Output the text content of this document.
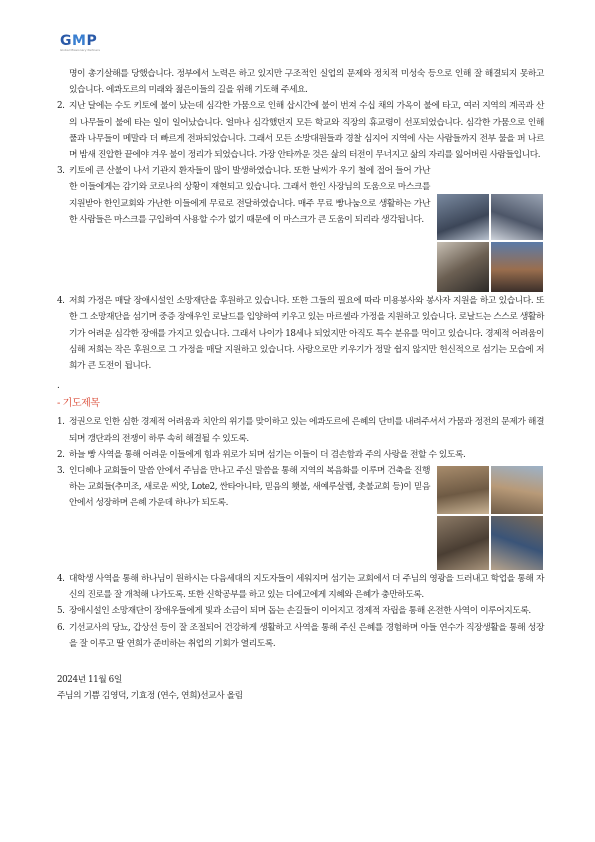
GMP
Global Missionary Partners
명이 총기살해를 당했습니다. 정부에서 노력은 하고 있지만 구조적인 실업의 문제와 정치적 미성숙 등으로 인해 잘 해결되지 못하고 있습니다. 에콰도르의 미래와 젊은이들의 길을 위해 기도해 주세요.
2. 지난 달에는 수도 키토에 불이 났는데 심각한 가뭄으로 인해 삽시간에 불이 번져 수십 채의 가옥이 불에 타고, 여러 지역의 계곡과 산의 나무들이 불에 타는 일이 일어났습니다. 얼마나 심각했던지 모든 학교와 직장의 휴교령이 선포되었습니다. 심각한 가뭄으로 인해 풀과 나무들이 메말라 더 빠르게 전파되었습니다. 그래서 모든 소방대원들과 경찰 심지어 지역에 사는 사람들까지 전부 물을 퍼 나르며 밤새 진압한 끝에야 겨우 불이 정리가 되었습니다. 가장 안타까운 것은 삶의 터전이 무너지고 삶의 자리를 잃어버린 사람들입니다.
3. 키토에 큰 산불이 나서 기관지 환자들이 많이 발생하였습니다. 또한 날씨가 우기 철에 접어 들어 가난한 이들에게는 감기와 코로나의 상황이 재현되고 있습니다. 그래서 한인 사장님의 도움으로 마스크를 지원받아 한인교회와 가난한 이들에게 무료로 전달하였습니다. 매주 무료 빵나눔으로 생활하는 가난한 사람들은 마스크를 구입하여 사용할 수가 없기 때문에 이 마스크가 큰 도움이 되리라 생각됩니다.
4. 저희 가정은 매달 장애시설인 소망재단을 후원하고 있습니다. 또한 그들의 필요에 따라 미용봉사와 봉사자 지원을 하고 있습니다. 또한 그 소망재단을 섬기며 중증 장애우인 로날드를 입양하여 키우고 있는 마르셀라 가정을 지원하고 있습니다. 로날드는 스스로 생활하기가 어려운 심각한 장애를 가지고 있습니다. 그래서 나이가 18세나 되었지만 아직도 특수 분유를 먹이고 있습니다. 경제적 어려움이 심해 저희는 작은 후원으로 그 가정을 매달 지원하고 있습니다. 사랑으로만 키우기가 정말 쉽지 않지만 헌신적으로 섬기는 모습에 저희가 큰 도전이 됩니다.
.
- 기도제목
1. 정권으로 인한 심한 경제적 어려움과 치안의 위기를 맞이하고 있는 에콰도르에 은혜의 단비를 내려주셔서 가뭄과 정전의 문제가 해결되며 갱단과의 전쟁이 하루 속히 해결될 수 있도록.
2. 하늘 빵 사역을 통해 어려운 이들에게 힘과 위로가 되며 섬기는 이들이 더 겸손함과 주의 사랑을 전할 수 있도록.
3. 인디헤나 교회들이 말씀 안에서 주님을 만나고 주신 말씀을 통해 지역의 복음화를 이루며 건축을 진행하는 교회들(추미조, 새로운 씨앗, Lote2, 싼타아니타, 믿음의 횃불, 새예루살렘, 촛불교회 등)이 믿음 안에서 성장하며 은혜 가운데 하나가 되도록.
4. 대학생 사역을 통해 하나님이 원하시는 다음세대의 지도자들이 세워지며 섬기는 교회에서 더 주님의 영광을 드러내고 학업을 통해 자신의 진로를 잘 개척해 나가도록. 또한 신학공부를 하고 있는 디에고에게 지혜와 은혜가 충만하도록.
5. 장애시설인 소망재단이 장애우들에게 빛과 소금이 되며 돕는 손길들이 이어지고 경제적 자립을 통해 온전한 사역이 이루어지도록.
6. 기선교사의 당뇨, 갑상선 등이 잘 조절되어 건강하게 생활하고 사역을 통해 주신 은혜를 경험하며 아들 연수가 직장생활을 통해 성장을 잘 이루고 딸 연희가 준비하는 취업의 기회가 열리도록.
2024년 11월 6일
주님의 기쁨 김영덕, 기효정 (연수, 연희)선교사 올림
